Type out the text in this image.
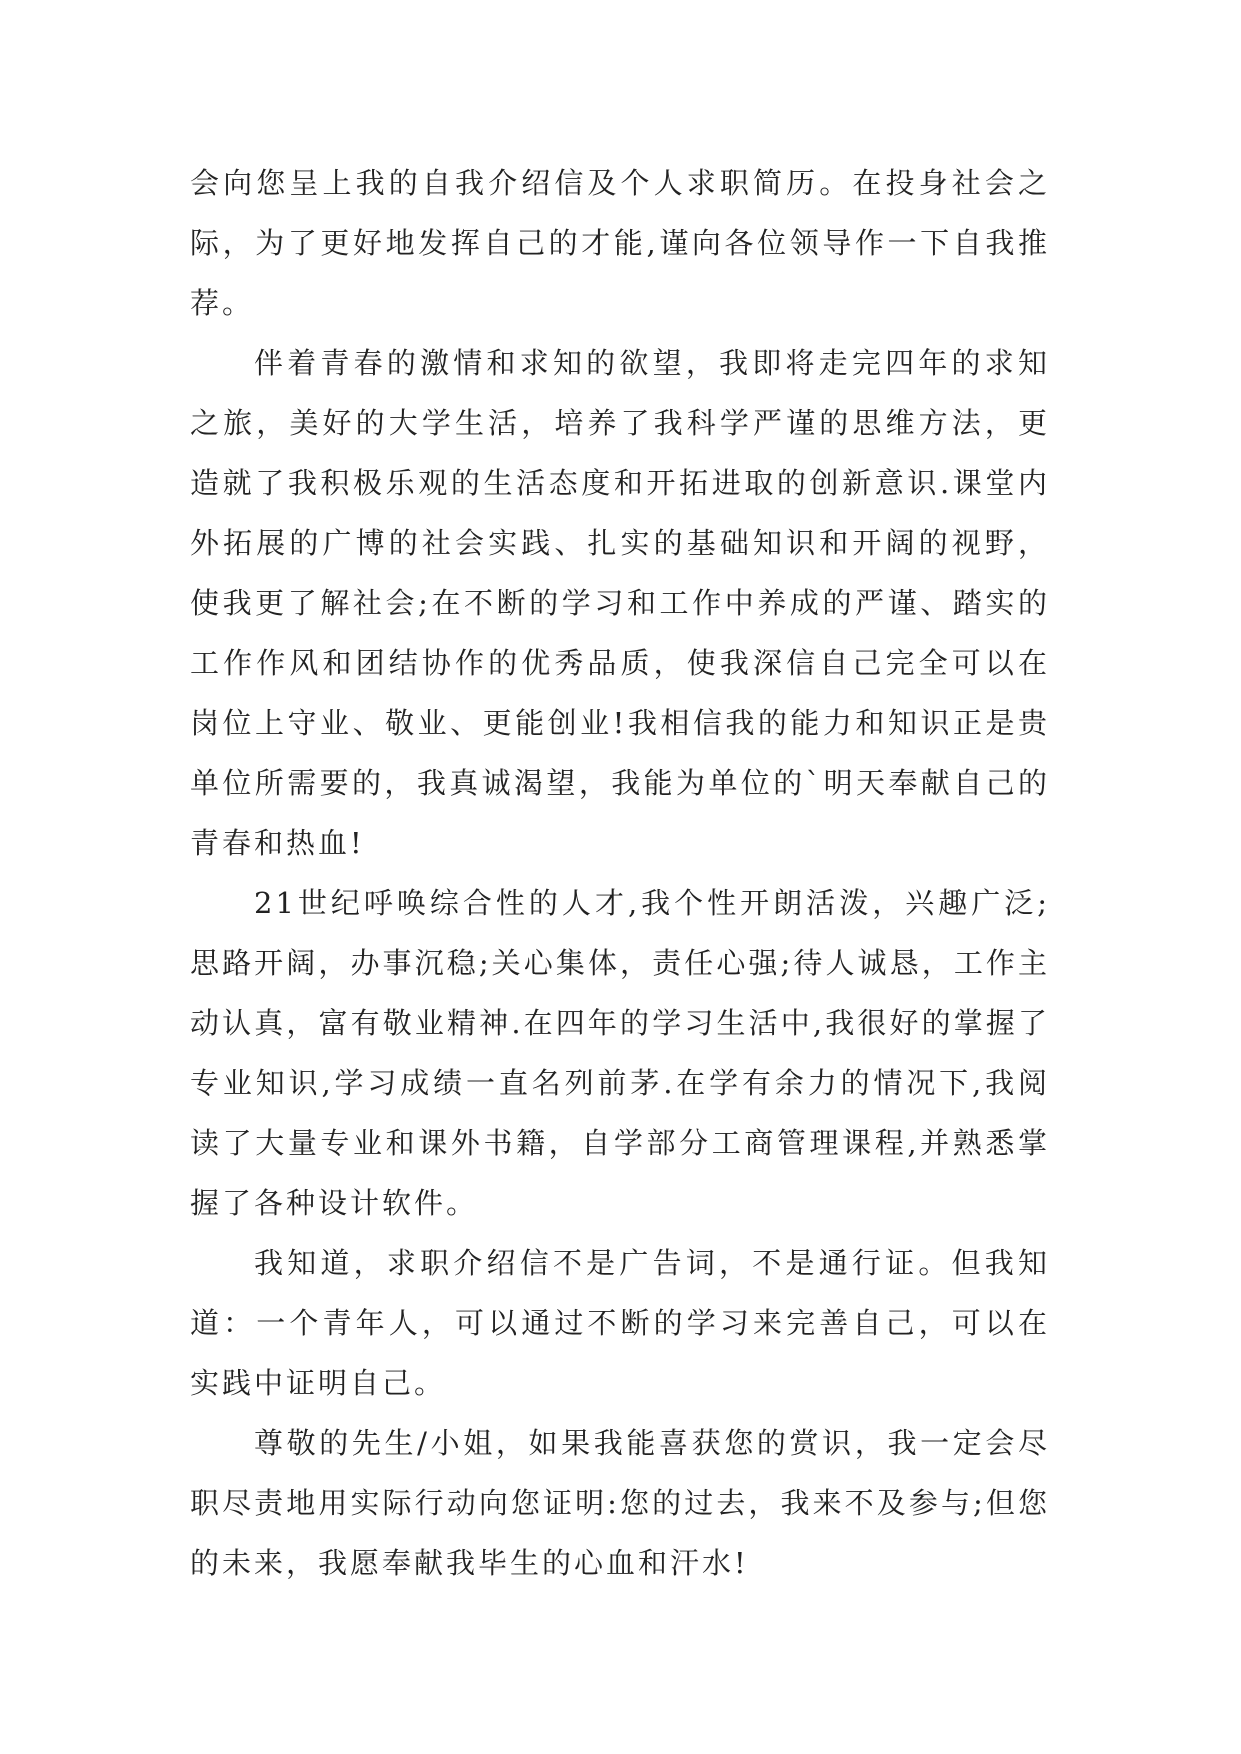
会向您呈上我的自我介绍信及个人求职简历。在投身社会之际，为了更好地发挥自己的才能,谨向各位领导作一下自我推荐。

伴着青春的激情和求知的欲望，我即将走完四年的求知之旅，美好的大学生活，培养了我科学严谨的思维方法，更造就了我积极乐观的生活态度和开拓进取的创新意识.课堂内外拓展的广博的社会实践、扎实的基础知识和开阔的视野，使我更了解社会;在不断的学习和工作中养成的严谨、踏实的工作作风和团结协作的优秀品质，使我深信自己完全可以在岗位上守业、敬业、更能创业!我相信我的能力和知识正是贵单位所需要的，我真诚渴望，我能为单位的`明天奉献自己的青春和热血!

21世纪呼唤综合性的人才,我个性开朗活泼，兴趣广泛;思路开阔，办事沉稳;关心集体，责任心强;待人诚恳，工作主动认真，富有敬业精神.在四年的学习生活中,我很好的掌握了专业知识,学习成绩一直名列前茅.在学有余力的情况下,我阅读了大量专业和课外书籍，自学部分工商管理课程,并熟悉掌握了各种设计软件。

我知道，求职介绍信不是广告词，不是通行证。但我知道：一个青年人，可以通过不断的学习来完善自己，可以在实践中证明自己。

尊敬的先生/小姐，如果我能喜获您的赏识，我一定会尽职尽责地用实际行动向您证明:您的过去，我来不及参与;但您的未来，我愿奉献我毕生的心血和汗水!
